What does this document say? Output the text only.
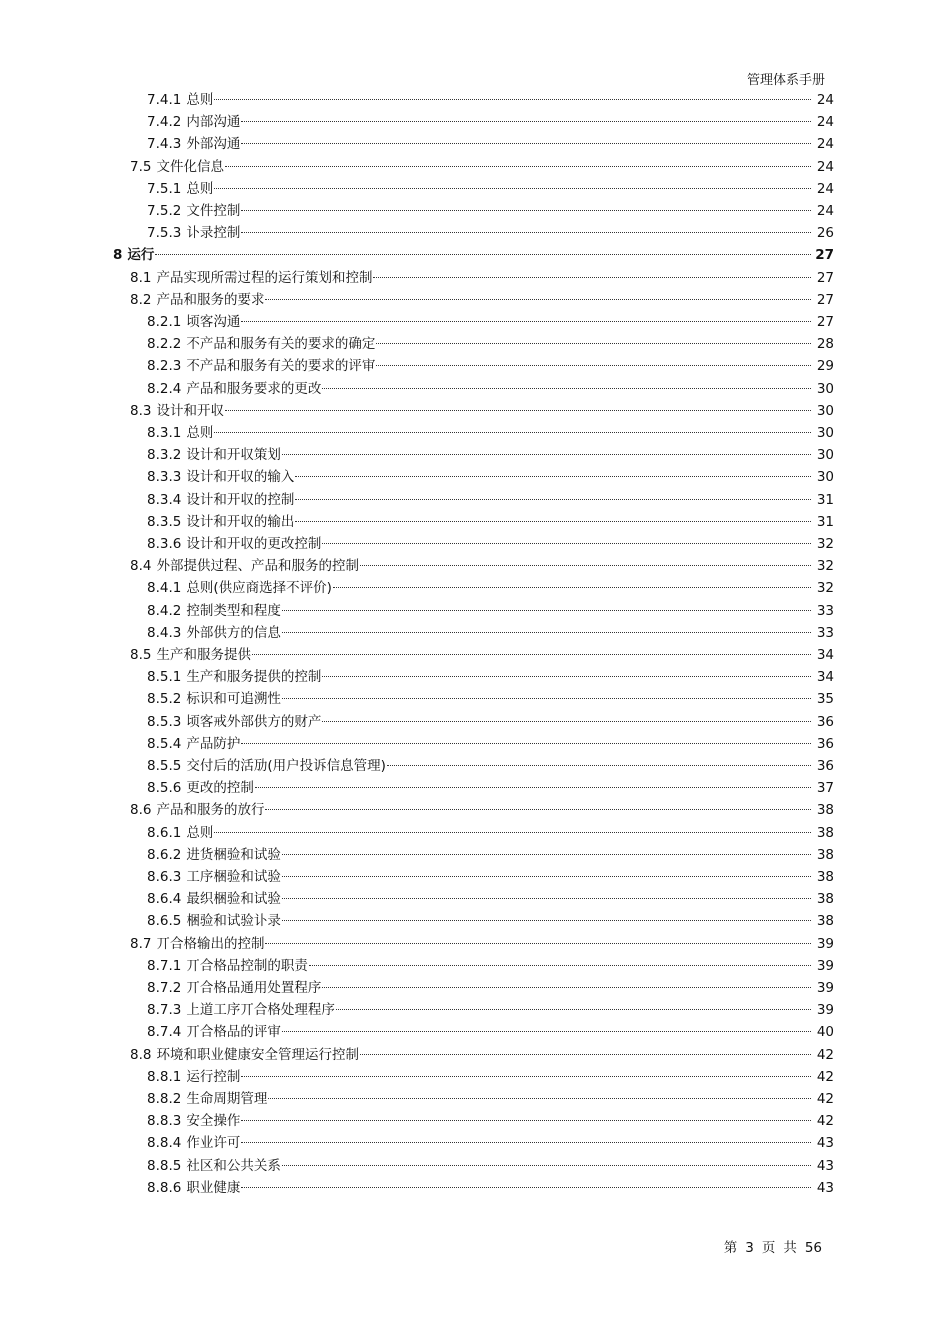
管理体系手册
7.4.1 总则	24
7.4.2 内部沟通	24
7.4.3 外部沟通	24
7.5 文件化信息	24
7.5.1 总则	24
7.5.2 文件控制	24
7.5.3 讣录控制	26
8 运行	27
8.1 产品实现所需过程的运行策划和控制	27
8.2 产品和服务的要求	27
8.2.1 顷客沟通	27
8.2.2 不产品和服务有关的要求的确定	28
8.2.3 不产品和服务有关的要求的评审	29
8.2.4 产品和服务要求的更改	30
8.3 设计和开収	30
8.3.1 总则	30
8.3.2 设计和开収策划	30
8.3.3 设计和开収的输入	30
8.3.4 设计和开収的控制	31
8.3.5 设计和开収的输出	31
8.3.6 设计和开収的更改控制	32
8.4 外部提供过程、产品和服务的控制	32
8.4.1 总则(供应商选择不评价)	32
8.4.2 控制类型和程度	33
8.4.3 外部供方的信息	33
8.5 生产和服务提供	34
8.5.1 生产和服务提供的控制	34
8.5.2 标识和可追溯性	35
8.5.3 顷客戒外部供方的财产	36
8.5.4 产品防护	36
8.5.5 交付后的活劢(用户投诉信息管理)	36
8.5.6 更改的控制	37
8.6 产品和服务的放行	38
8.6.1 总则	38
8.6.2 进货梱验和试验	38
8.6.3 工序梱验和试验	38
8.6.4 最织梱验和试验	38
8.6.5 梱验和试验讣录	38
8.7 丌合格输出的控制	39
8.7.1 丌合格品控制的职责	39
8.7.2 丌合格品通用处置程序	39
8.7.3 上道工序丌合格处理程序	39
8.7.4 丌合格品的评审	40
8.8 环境和职业健康安全管理运行控制	42
8.8.1 运行控制	42
8.8.2 生命周期管理	42
8.8.3 安全操作	42
8.8.4 作业许可	43
8.8.5 社区和公共关系	43
8.8.6 职业健康	43
第 3 页 共 56
